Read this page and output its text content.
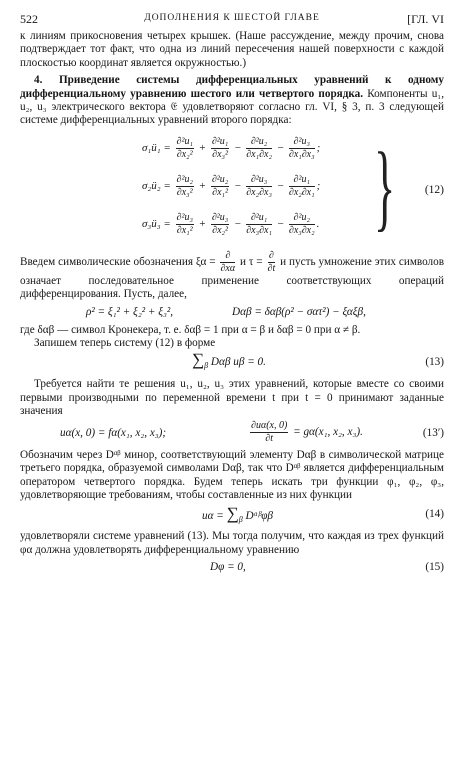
522	ДОПОЛНЕНИЯ К ШЕСТОЙ ГЛАВЕ	[ГЛ. VI

к линиям прикосновения четырех крышек. (Наше рассуждение, между прочим, снова подтверждает тот факт, что одна из линий пересечения нашей поверхности с каждой плоскостью координат является окружностью.)

4. Приведение системы дифференциальных уравнений к одному дифференциальному уравнению шестого или четвертого порядка. Компоненты u₁, u₂, u₃ электрического вектора 𝔈 удовлетворяют согласно гл. VI, § 3, п. 3 следующей системе дифференциальных уравнений второго порядка:

σ₁ü₁ = $\frac{\text{∂²u₁}}{\text{∂x₂²}} + \frac{\text{∂²u₁}}{\text{∂x₃²}} - \frac{\text{∂²u₂}}{\text{∂x₁∂x₂}} - \frac{\text{∂²u₃}}{\text{∂x₁∂x₃}}$ ;
σ₂ü₂ = $\frac{\text{∂²u₂}}{\text{∂x₃²}} + \frac{\text{∂²u₂}}{\text{∂x₁²}} - \frac{\text{∂²u₃}}{\text{∂x₂∂x₃}} - \frac{\text{∂²u₁}}{\text{∂x₂∂x₁}}$ ;
σ₃ü₃ = $\frac{\text{∂²u₃}}{\text{∂x₁²}} + \frac{\text{∂²u₃}}{\text{∂x₂²}} - \frac{\text{∂²u₁}}{\text{∂x₃∂x₁}} - \frac{\text{∂²u₂}}{\text{∂x₃∂x₂}}$ . }	(12)

Введем символические обозначения $\xi\alpha = \frac{\partial}{\partial x\alpha}$ и $\tau = \frac{\partial}{\partial t}$ и пусть умножение этих символов означает последовательное применение соответствующих операций дифференцирования. Пусть, далее,

ρ² = ξ₁² + ξ₂² + ξ₃²,	Dαβ = δαβ(ρ² − σατ²) − ξαξβ,

где δαβ — символ Кронекера, т. е. δαβ = 1 при α = β и δαβ = 0 при α ≠ β.

Запишем теперь систему (12) в форме

$\sum_\beta$ Dαβ uβ = 0.	(13)

Требуется найти те решения u₁, u₂, u₃ этих уравнений, которые вместе со своими первыми производными по переменной времени t при t = 0 принимают заданные значения

uα(x, 0) = fα(x₁, x₂, x₃);	$\frac{\partial u\alpha(x, 0)}{\partial t} = g\alpha(x_1$, x₂, x₃).	(13′)

Обозначим через Dᵅᵝ минор, соответствующий элементу Dαβ в символической матрице третьего порядка, образуемой символами Dαβ, так что Dᵅᵝ является дифференциальным оператором четвертого порядка. Будем теперь искать три функции φ₁, φ₂, φ₃, удовлетворяющие требованиям, чтобы составленные из них функции

$u\alpha = \sum_\beta$ Dᵅᵝφβ	(14)

удовлетворяли системе уравнений (13). Мы тогда получим, что каждая из трех функций φα должна удовлетворять дифференциальному уравнению

Dφ = 0,	(15)
